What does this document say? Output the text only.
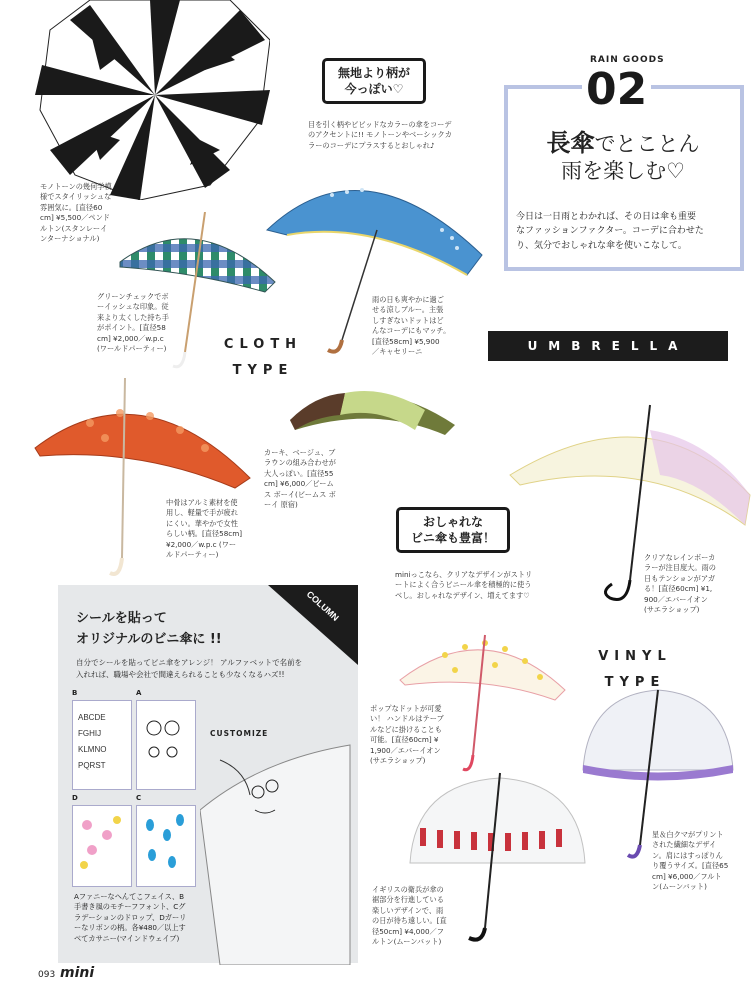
モノトーンの幾何学模
様でスタイリッシュな
雰囲気に。[直径60
cm] ¥5,500／ペンド
ルトン(スタンレーイ
ンターナショナル)
RAIN GOODS
02
長傘でとことん
雨を楽しむ♡
今日は一日雨とわかれば、その日は傘も重要
なファッションファクター。コーデに合わせた
り、気分でおしゃれな傘を使いこなして。
無地より柄が
今っぽい♡
目を引く柄やビビッドなカラーの傘をコーデ
のアクセントに!! モノトーンやベーシックカ
ラーのコーデにプラスするとおしゃれ♪
グリーンチェックでボ
ーイッシュな印象。従
来より太くした持ち手
がポイント。[直径58
cm] ¥2,000／w.p.c
(ワールドパーティー)
雨の日も爽やかに過ご
せる涼しブルー。主張
しすぎないドットはど
んなコーデにもマッチ。
[直径58cm] ¥5,900
／キャセリーニ	UMBRELLA
CLOTH
TYPE
カーキ、ベージュ、ブ
ラウンの組み合わせが
大人っぽい。[直径55
cm] ¥6,000／ビーム
ス ボーイ(ビームス ボ
ーイ 原宿)
中骨はアルミ素材を使
用し、軽量で手が疲れ
にくい。華やかで女性
らしい柄。[直径58cm]
¥2,000／w.p.c (ワー
ルドパーティー)	クリアなレインボーカ
ラーが注目度大。雨の
日もテンションがアガ
る！[直径60cm] ¥1,
900／エバーイオン
(サエラショップ)
おしゃれな
ビニ傘も豊富！
miniっこなら、クリアなデザインがストリ
ートによく合うビニール傘を積極的に使う
べし。おしゃれなデザイン、増えてます♡
ポップなドットが可愛
い！ ハンドルはテーブ
ルなどに掛けることも
可能。[直径60cm] ¥
1,900／エバーイオン
(サエラショップ)
VINYL
TYPE
星＆白クマがプリント
された繊細なデザイ
ン。肩にはすっぽりん
り覆うサイズ。[直径65
cm] ¥6,000／フルト
ン(ムーンバット)
イギリスの衛兵が傘の
裾部分を行進している
楽しいデザインで、雨
の日が待ち遠しい。[直
径50cm] ¥4,000／フ
ルトン(ムーンバット)
COLUMN
シールを貼って
オリジナルのビニ傘に !!
自分でシールを貼ってビニ傘をアレンジ！ アルファベットで名前を
入れれば、職場や会社で間違えられることも少なくなるハズ!!
B	A
D	C
ABCDE
FGHIJ
KLMNO
PQRST
CUSTOMIZE
Aファニーなへんてこフェイス、B
手書き風のモチーフフォント、Cグ
ラデーションのドロップ、Dガーリ
ーなリボンの柄。各¥480／以上す
べてカサニー(マインドウェイブ)
093 mini
